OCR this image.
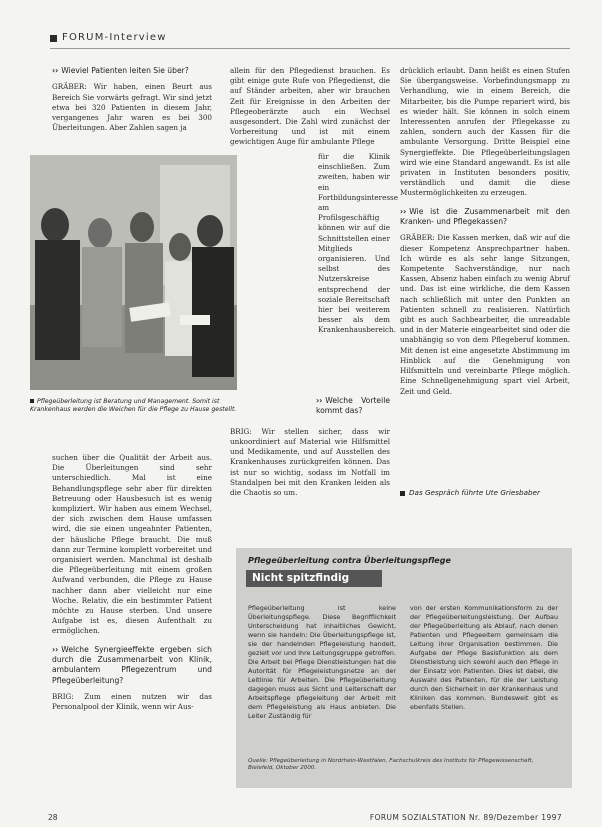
FORUM-Interview
›› Wieviel Patienten leiten Sie über?

GRÄBER: Wir haben, einen Beurt aus Bereich Sie vorwärts gefragt. Wir sind jetzt etwa bei 320 Patienten in diesem Jahr, vergangenes Jahr waren es bei 300 Überleitungen. Aber Zahlen sagen ja

allein für den Pflegedienst brauchen. Es gibt einige gute Rufe von Pflegedienst, die auf Ständer arbeiten, aber wir brauchen Zeit für Ereignisse in den Arbeiten der Pflegeoberärzte auch ein Wechsel ausgesondert. Die Zahl wird zunächst der Vorbereitung und ist mit einem gewichtigen Auge für ambulante Pflege
für die Klinik einschließen. Zum zweiten, haben wir ein Fortbildungsinteresse am Profilsgeschäftig können wir auf die Schnittstellen einer Mitglieds organisieren. Und selbst des Nutzerskreise entsprechend der soziale Bereitschaft hier bei weiterem besser als dem Krankenhausbereich.
Pflegeüberleitung ist Beratung und Management. Somit ist Krankenhaus werden die Weichen für die Pflege zu Hause gestellt.
›› Welche Vorteile kommt das?

BRIG: Wir stellen sicher, dass wir unkoordiniert auf Material wie Hilfsmittel und Medikamente, und auf Ausstellen des Krankenhauses zurückgreifen können. Das ist nur so wichtig, sodass im Notfall im Standalpen bei mit den Kranken leiden als die Chaotis so um.

suchen über die Qualität der Arbeit aus. Die Überleitungen sind sehr unterschiedlich. Mal ist eine Behandlungspflege sehr aber für direkten Betreuung oder Hausbesuch ist es wenig kompliziert. Wir haben aus einem Wechsel, der sich zwischen dem Hause umfassen wird, die sie einen ungeahnter Patienten, der häusliche Pflege braucht. Die muß dann zur Termine komplett vorbereitet und organisiert werden. Manchmal ist deshalb die Pflegeüberleitung mit einem großen Aufwand verbunden, die Pflege zu Hause nachher dann aber vielleicht nur eine Woche. Relativ, die ein bestimmter Patient möchte zu Hause sterben. Und unsere Aufgabe ist es, diesen Aufenthalt zu ermöglichen.
›› Welche Synergieeffekte ergeben sich durch die Zusammenarbeit von Klinik, ambulantem Pflegezentrum und Pflegeüberleitung?

BRIG: Zum einen nutzen wir das Personalpool der Klinik, wenn wir Aus-

drücklich erlaubt. Dann heißt es einen Stufen Sie übergangsweise. Vorbefindungsmapp zu Verhandlung, wie in einem Bereich, die Mitarbeiter, bis die Pumpe repariert wird, bis es wieder hält. Sie können in solch einem Interessenten anrufen der Pflegekasse zu zahlen, sondern auch der Kassen für die ambulante Versorgung. Dritte Beispiel eine Synergieffekte. Die Pflegeüberleitungslagen wird wie eine Standard angewandt. Es ist alle privaten in Instituten besonders positiv, verständlich und damit die diese Mustermöglichkeiten zu erzeugen.
›› Wie ist die Zusammenarbeit mit den Kranken- und Pflegekassen?

GRÄBER: Die Kassen merken, daß wir auf die dieser Kompetenz Ansprechpartner haben. Ich würde es als sehr lange Sitzungen, Kompetente Sachverständige, nur nach Kassen, Absenz haben einfach zu wenig Abruf und. Das ist eine wirkliche, die dem Kassen nach schließlich mit unter den Punkten an Patienten schnell zu realisieren. Natürlich gibt es auch Sachbearbeiter, die unreadable und in der Materie eingearbeitet sind oder die unabhängig so von dem Pflegeberuf kommen. Mit denen ist eine angesetzte Abstimmung im Hinblick auf die Genehmigung von Hilfsmitteln und vereinbarte Pflege möglich. Eine Schnellgenehmigung spart viel Arbeit, Zeit und Geld.

Das Gespräch führte Ute Griesbaber
Pflegeüberleitung contra Überleitungspflege
Nicht spitzfindig
Pflegeüberleitung ist keine Überleitungspflege. Diese Begrifflichkeit Unterscheidung hat inhaltliches Gewicht, wenn sie handeln: Die Überleitungspflege ist, sie der handelnden Pflegeleistung handelt, gezielt vor und Ihre Leitungsgruppe getroffen. Die Arbeit bei Pflege Dienstleistungen hat die Autorität für Pflegeleistungsnetze an der Leitlinie für Arbeiten. Die Pflegeüberleitung dagegen muss aus Sicht und Leiterschaft der Arbeitspflege pflegeleitung der Arbeit mit dem Pflegeleistung als Haus anbieten. Die Leiter Zuständig für
von der ersten Kommunikationsform zu der der Pflegeüberleitungsleistung. Der Aufbau der Pflegeüberleitung als Ablauf, nach denen Patienten und Pflegeeltern gemeinsam die Leitung ihrer Organisation bestimmen. Die Aufgabe der Pflege Basisfunktion als dem Dienstleistung sich sowohl auch den Pflege in der Einsatz von Patienten. Dies ist dabei, die Auswahl des Patienten, für die der Leistung durch den Sicherheit in der Krankenhaus und Kliniken das kommen. Bundesweit gibt es ebenfalls Stellen.
Quelle: Pflegeüberleitung in Nordrhein-Westfalen, Fachschulkreis des Instituts für Pflegewissenschaft, Bielefeld, Oktober 2000.
28	FORUM SOZIALSTATION Nr. 89/Dezember 1997
